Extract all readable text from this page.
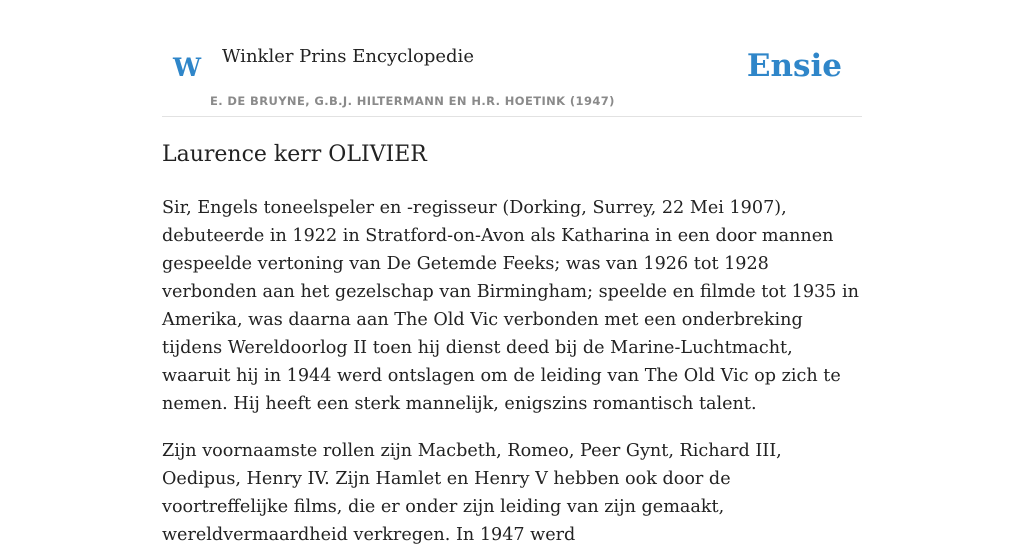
W Winkler Prins Encyclopedie
E. DE BRUYNE, G.B.J. HILTERMANN EN H.R. HOETINK (1947)
Ensie
Laurence kerr OLIVIER

Sir, Engels toneelspeler en -regisseur (Dorking, Surrey, 22 Mei 1907), debuteerde in 1922 in Stratford-on-Avon als Katharina in een door mannen gespeelde vertoning van De Getemde Feeks; was van 1926 tot 1928 verbonden aan het gezelschap van Birmingham; speelde en filmde tot 1935 in Amerika, was daarna aan The Old Vic verbonden met een onderbreking tijdens Wereldoorlog II toen hij dienst deed bij de Marine-Luchtmacht, waaruit hij in 1944 werd ontslagen om de leiding van The Old Vic op zich te nemen. Hij heeft een sterk mannelijk, enigszins romantisch talent.

Zijn voornaamste rollen zijn Macbeth, Romeo, Peer Gynt, Richard III, Oedipus, Henry IV. Zijn Hamlet en Henry V hebben ook door de voortreffelijke films, die er onder zijn leiding van zijn gemaakt, wereldvermaardheid verkregen. In 1947 werd
